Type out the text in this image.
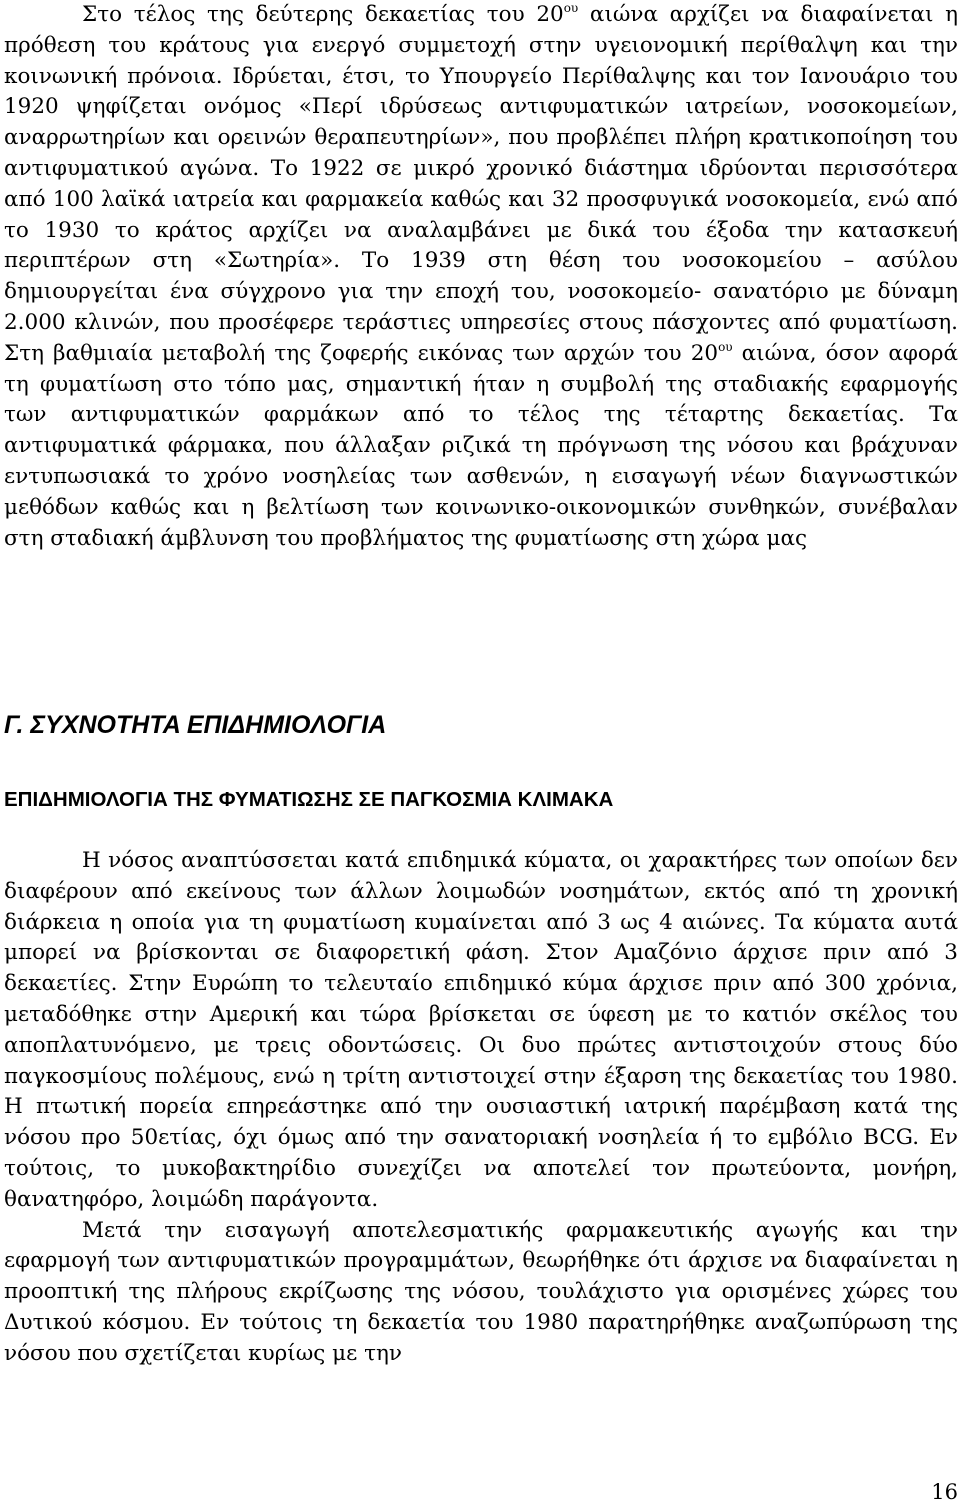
Στο τέλος της δεύτερης δεκαετίας του $20^{o\upsilon}$ αιώνα αρχίζει να διαφαίνεται η πρόθεση του κράτους για ενεργό συμμετοχή στην υγειονομική περίθαλψη και την κοινωνική πρόνοια. Ιδρύεται, έτσι, το Υπουργείο Περίθαλψης και τον Ιανουάριο του 1920 ψηφίζεται ονόμος «Περί ιδρύσεως αντιφυματικών ιατρείων, νοσοκομείων, αναρρωτηρίων και ορεινών θεραπευτηρίων», που προβλέπει πλήρη κρατικοποίηση του αντιφυματικού αγώνα. Το 1922 σε μικρό χρονικό διάστημα ιδρύονται περισσότερα από 100 λαϊκά ιατρεία και φαρμακεία καθώς και 32 προσφυγικά νοσοκομεία, ενώ από το 1930 το κράτος αρχίζει να αναλαμβάνει με δικά του έξοδα την κατασκευή περιπτέρων στη «Σωτηρία». Το 1939 στη θέση του νοσοκομείου – ασύλου δημιουργείται ένα σύγχρονο για την εποχή του, νοσοκομείο- σανατόριο με δύναμη 2.000 κλινών, που προσέφερε τεράστιες υπηρεσίες στους πάσχοντες από φυματίωση. Στη βαθμιαία μεταβολή της ζοφερής εικόνας των αρχών του $20^{o\upsilon}$ αιώνα, όσον αφορά τη φυματίωση στο τόπο μας, σημαντική ήταν η συμβολή της σταδιακής εφαρμογής των αντιφυματικών φαρμάκων από το τέλος της τέταρτης δεκαετίας. Τα αντιφυματικά φάρμακα, που άλλαξαν ριζικά τη πρόγνωση της νόσου και βράχυναν εντυπωσιακά το χρόνο νοσηλείας των ασθενών, η εισαγωγή νέων διαγνωστικών μεθόδων καθώς και η βελτίωση των κοινωνικο-οικονομικών συνθηκών, συνέβαλαν στη σταδιακή άμβλυνση του προβλήματος της φυματίωσης στη χώρα μας

Γ. ΣΥΧΝΟΤΗΤΑ ΕΠΙΔΗΜΙΟΛΟΓΙΑ
ΕΠΙΔΗΜΙΟΛΟΓΙΑ ΤΗΣ ΦΥΜΑΤΙΩΣΗΣ ΣΕ ΠΑΓΚΟΣΜΙΑ ΚΛΙΜΑΚΑ

Η νόσος αναπτύσσεται κατά επιδημικά κύματα, οι χαρακτήρες των οποίων δεν διαφέρουν από εκείνους των άλλων λοιμωδών νοσημάτων, εκτός από τη χρονική διάρκεια η οποία για τη φυματίωση κυμαίνεται από 3 ως 4 αιώνες. Τα κύματα αυτά μπορεί να βρίσκονται σε διαφορετική φάση. Στον Αμαζόνιο άρχισε πριν από 3 δεκαετίες. Στην Ευρώπη το τελευταίο επιδημικό κύμα άρχισε πριν από 300 χρόνια, μεταδόθηκε στην Αμερική και τώρα βρίσκεται σε ύφεση με το κατιόν σκέλος του αποπλατυνόμενο, με τρεις οδοντώσεις. Οι δυο πρώτες αντιστοιχούν στους δύο παγκοσμίους πολέμους, ενώ η τρίτη αντιστοιχεί στην έξαρση της δεκαετίας του 1980. Η πτωτική πορεία επηρεάστηκε από την ουσιαστική ιατρική παρέμβαση κατά της νόσου προ 50ετίας, όχι όμως από την σανατοριακή νοσηλεία ή το εμβόλιο BCG. Εν τούτοις, το μυκοβακτηρίδιο συνεχίζει να αποτελεί τον πρωτεύοντα, μονήρη, θανατηφόρο, λοιμώδη παράγοντα.

Μετά την εισαγωγή αποτελεσματικής φαρμακευτικής αγωγής και την εφαρμογή των αντιφυματικών προγραμμάτων, θεωρήθηκε ότι άρχισε να διαφαίνεται η προοπτική της πλήρους εκρίζωσης της νόσου, τουλάχιστο για ορισμένες χώρες του Δυτικού κόσμου. Εν τούτοις τη δεκαετία του 1980 παρατηρήθηκε αναζωπύρωση της νόσου που σχετίζεται κυρίως με την

16
